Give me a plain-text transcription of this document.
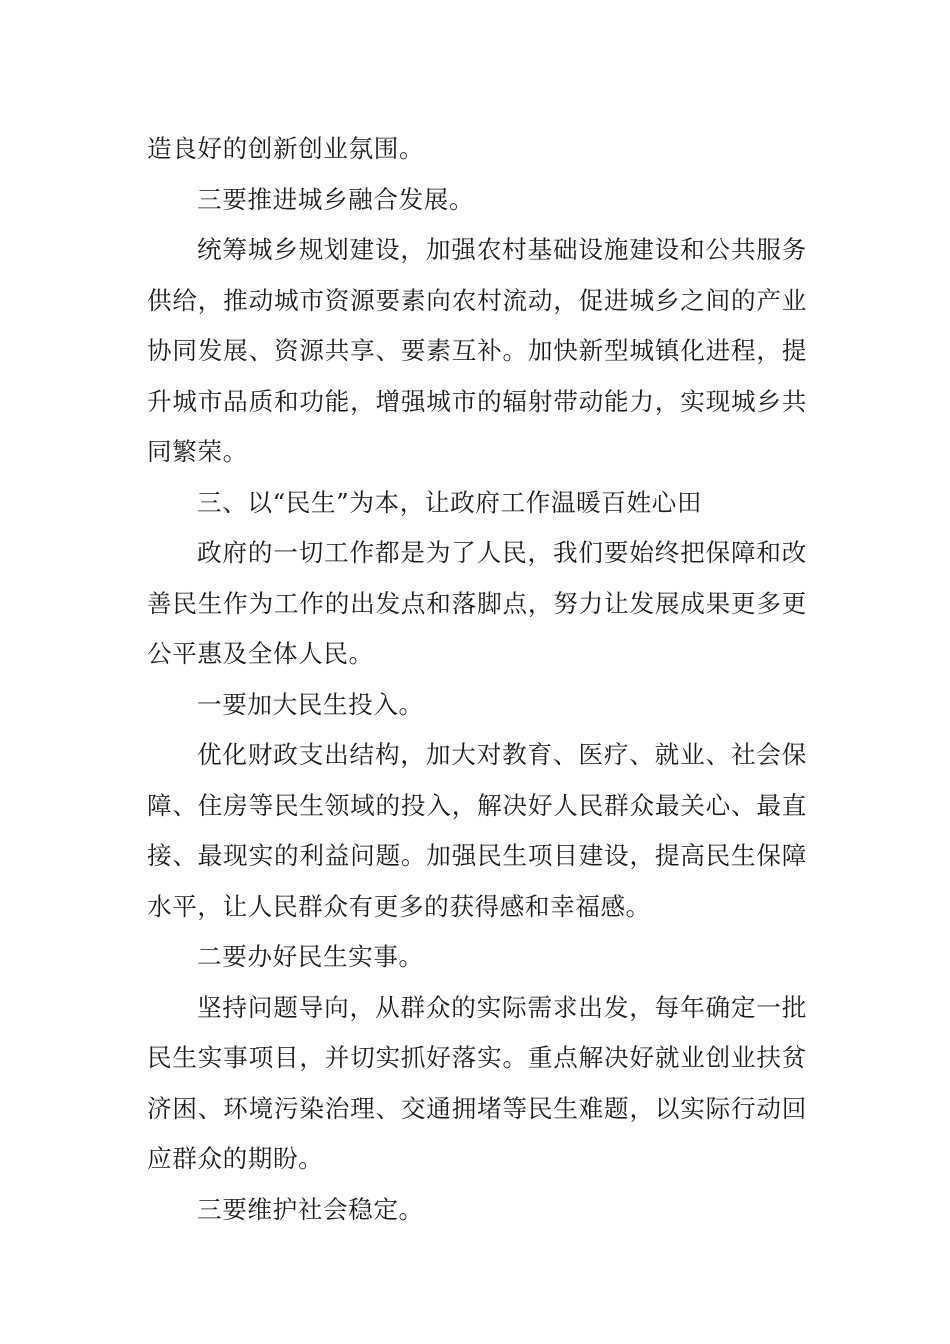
造良好的创新创业氛围。

三要推进城乡融合发展。

统筹城乡规划建设，加强农村基础设施建设和公共服务供给，推动城市资源要素向农村流动，促进城乡之间的产业协同发展、资源共享、要素互补。加快新型城镇化进程，提升城市品质和功能，增强城市的辐射带动能力，实现城乡共同繁荣。

三、以“民生”为本，让政府工作温暖百姓心田

政府的一切工作都是为了人民，我们要始终把保障和改善民生作为工作的出发点和落脚点，努力让发展成果更多更公平惠及全体人民。

一要加大民生投入。

优化财政支出结构，加大对教育、医疗、就业、社会保障、住房等民生领域的投入，解决好人民群众最关心、最直接、最现实的利益问题。加强民生项目建设，提高民生保障水平，让人民群众有更多的获得感和幸福感。

二要办好民生实事。

坚持问题导向，从群众的实际需求出发，每年确定一批民生实事项目，并切实抓好落实。重点解决好就业创业扶贫济困、环境污染治理、交通拥堵等民生难题，以实际行动回应群众的期盼。

三要维护社会稳定。
